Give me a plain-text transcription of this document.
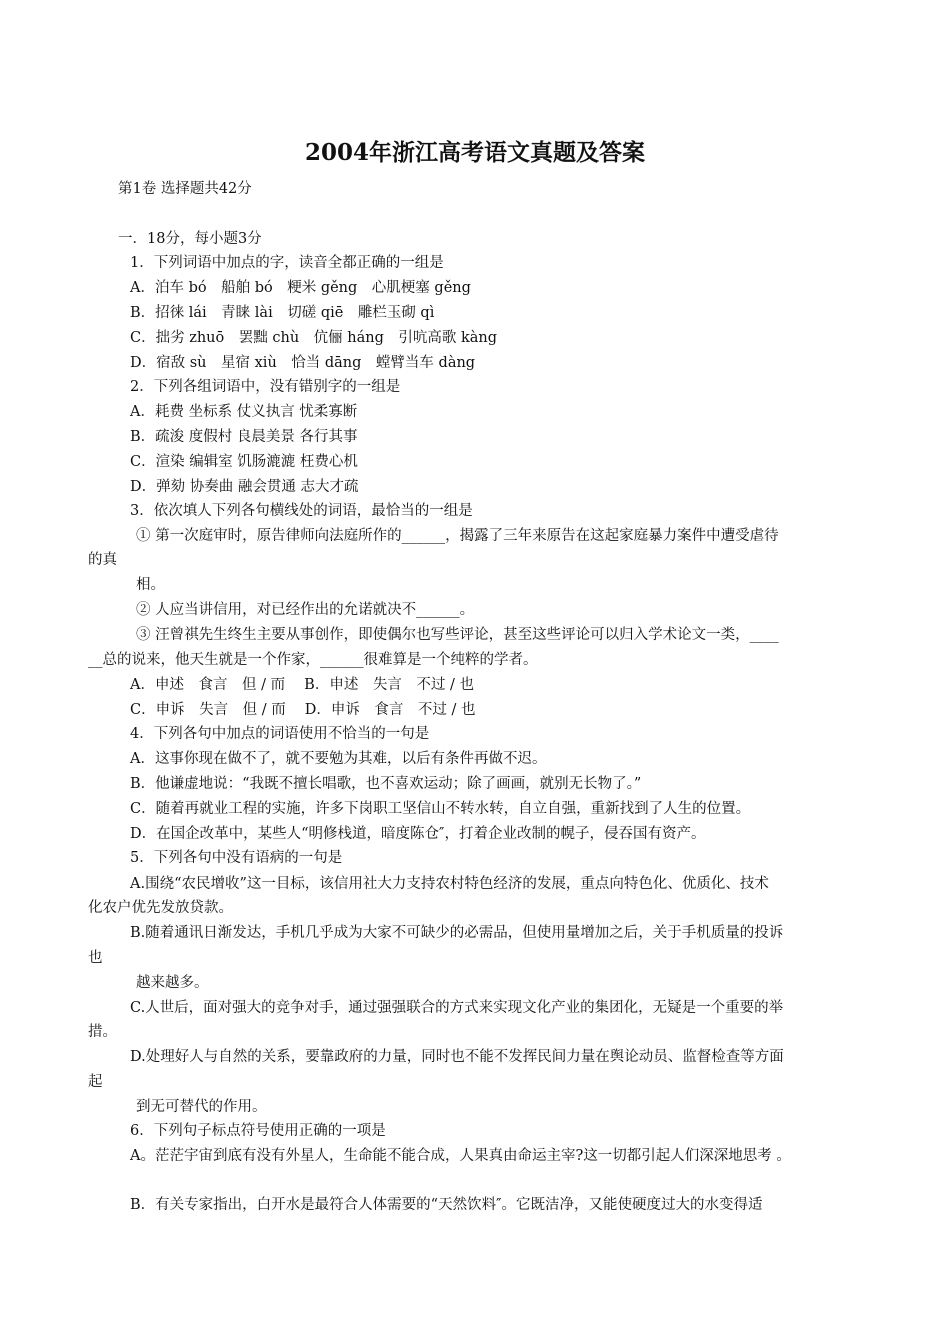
2004年浙江高考语文真题及答案
第1卷 选择题共42分
一．18分，每小题3分
1．下列词语中加点的字，读音全都正确的一组是
A．泊车 bó　船舶 bó　粳米 gěng　心肌梗塞 gěng
B．招徕 lái　青睐 lài　切磋 qiē　雕栏玉砌 qì
C．拙劣 zhuō　罢黜 chù　伉俪 háng　引吭高歌 kàng
D．宿敌 sù　星宿 xiù　恰当 dāng　螳臂当车 dàng
2．下列各组词语中，没有错别字的一组是
A．耗费 坐标系 仗义执言 忧柔寡断
B．疏浚 度假村 良晨美景 各行其事
C．渲染 编辑室 饥肠漉漉 枉费心机
D．弹劾 协奏曲 融会贯通 志大才疏
3．依次填人下列各句横线处的词语，最恰当的一组是
① 第一次庭审时，原告律师向法庭所作的______，揭露了三年来原告在这起家庭暴力案件中遭受虐待
的真
相。
② 人应当讲信用，对已经作出的允诺就决不______。
③ 汪曾祺先生终生主要从事创作，即使偶尔也写些评论，甚至这些评论可以归入学术论文一类，____
__总的说来，他天生就是一个作家，______很难算是一个纯粹的学者。
A．申述　食言　但 / 而　 B．申述　失言　不过 / 也
C．申诉　失言　但 / 而　 D．申诉　食言　不过 / 也
4．下列各句中加点的词语使用不恰当的一句是
A．这事你现在做不了，就不要勉为其难，以后有条件再做不迟。
B．他谦虚地说：“我既不擅长唱歌，也不喜欢运动；除了画画，就别无长物了。”
C．随着再就业工程的实施，许多下岗职工坚信山不转水转，自立自强，重新找到了人生的位置。
D．在国企改革中，某些人“明修栈道，暗度陈仓″，打着企业改制的幌子，侵吞国有资产。
5．下列各句中没有语病的一句是
A.围绕“农民增收”这一目标，该信用社大力支持农村特色经济的发展，重点向特色化、优质化、技术
化农户优先发放贷款。
B.随着通讯日渐发达，手机几乎成为大家不可缺少的必需品，但使用量增加之后，关于手机质量的投诉
也
越来越多。
C.人世后，面对强大的竞争对手，通过强强联合的方式来实现文化产业的集团化，无疑是一个重要的举
措。
D.处理好人与自然的关系，要靠政府的力量，同时也不能不发挥民间力量在舆论动员、监督检查等方面
起
到无可替代的作用。
6．下列句子标点符号使用正确的一项是
A。茫茫宇宙到底有没有外星人，生命能不能合成，人果真由命运主宰?这一切都引起人们深深地思考 。
B．有关专家指出，白开水是最符合人体需要的“天然饮料″。它既洁净，又能使硬度过大的水变得适
